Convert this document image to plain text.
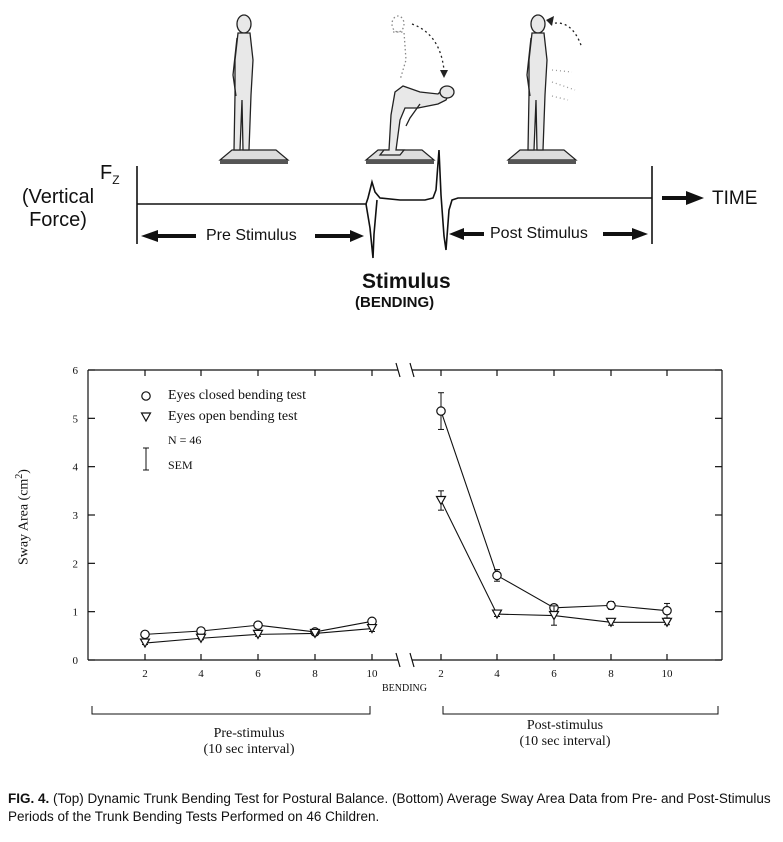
$F_Z$
(Vertical
Force)
Pre Stimulus	Post Stimulus
TIME
Stimulus
(BENDING)
0
1
2
3
4
5
6
2	4	6	8	10	2	4	6	8	10
Sway Area $(cm^2)$
BENDING
Eyes closed bending test
Eyes open bending test
N = 46
SEM
Pre-stimulus
(10 sec interval)
Post-stimulus
(10 sec interval)
FIG. 4. (Top) Dynamic Trunk Bending Test for Postural Balance. (Bottom) Average Sway Area Data from Pre- and Post-Stimulus Periods of the Trunk Bending Tests Performed on 46 Children.
